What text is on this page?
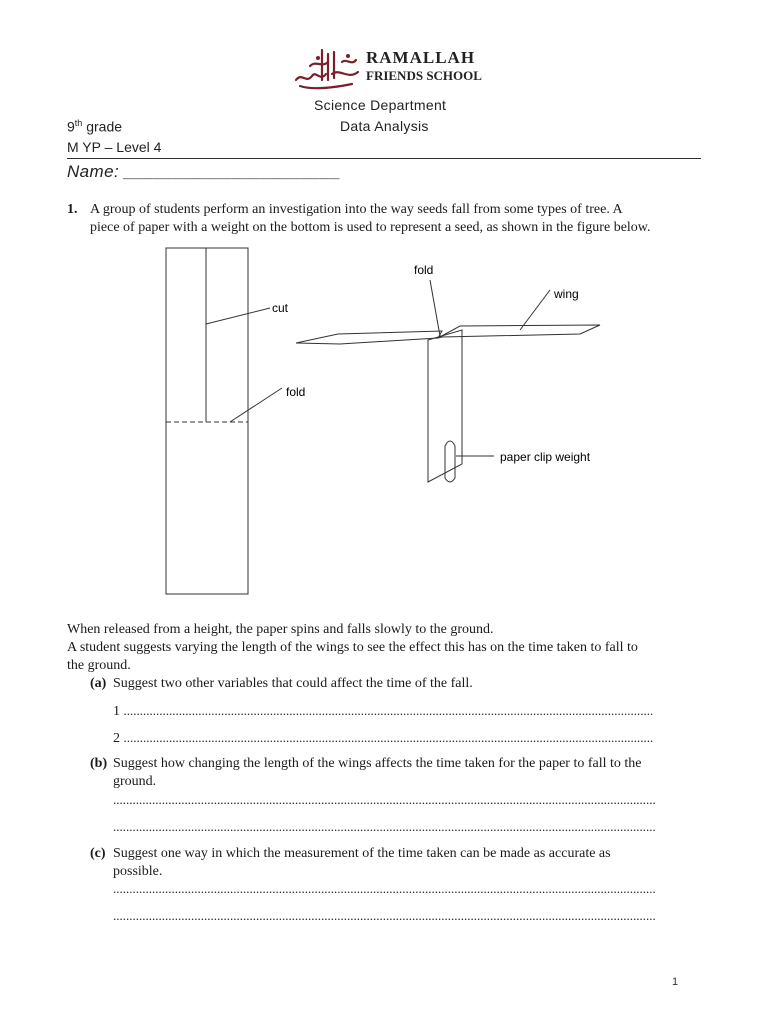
RAMALLAH
FRIENDS SCHOOL
Science Department
9th grade	Data Analysis
M YP – Level 4
Name: ______________________
1. A group of students perform an investigation into the way seeds fall from some types of tree. A
piece of paper with a weight on the bottom is used to represent a seed, as shown in the figure below.
cut
fold
fold
wing
paper clip weight
When released from a height, the paper spins and falls slowly to the ground.
A student suggests varying the length of the wings to see the effect this has on the time taken to fall to
the ground.
(a) Suggest two other variables that could affect the time of the fall.
1 ...................................................................................................................................................................
2 ...................................................................................................................................................................
(b) Suggest how changing the length of the wings affects the time taken for the paper to fall to the
ground.
.......................................................................................................................................................................
.......................................................................................................................................................................
(c) Suggest one way in which the measurement of the time taken can be made as accurate as
possible.
.......................................................................................................................................................................
.......................................................................................................................................................................
1
